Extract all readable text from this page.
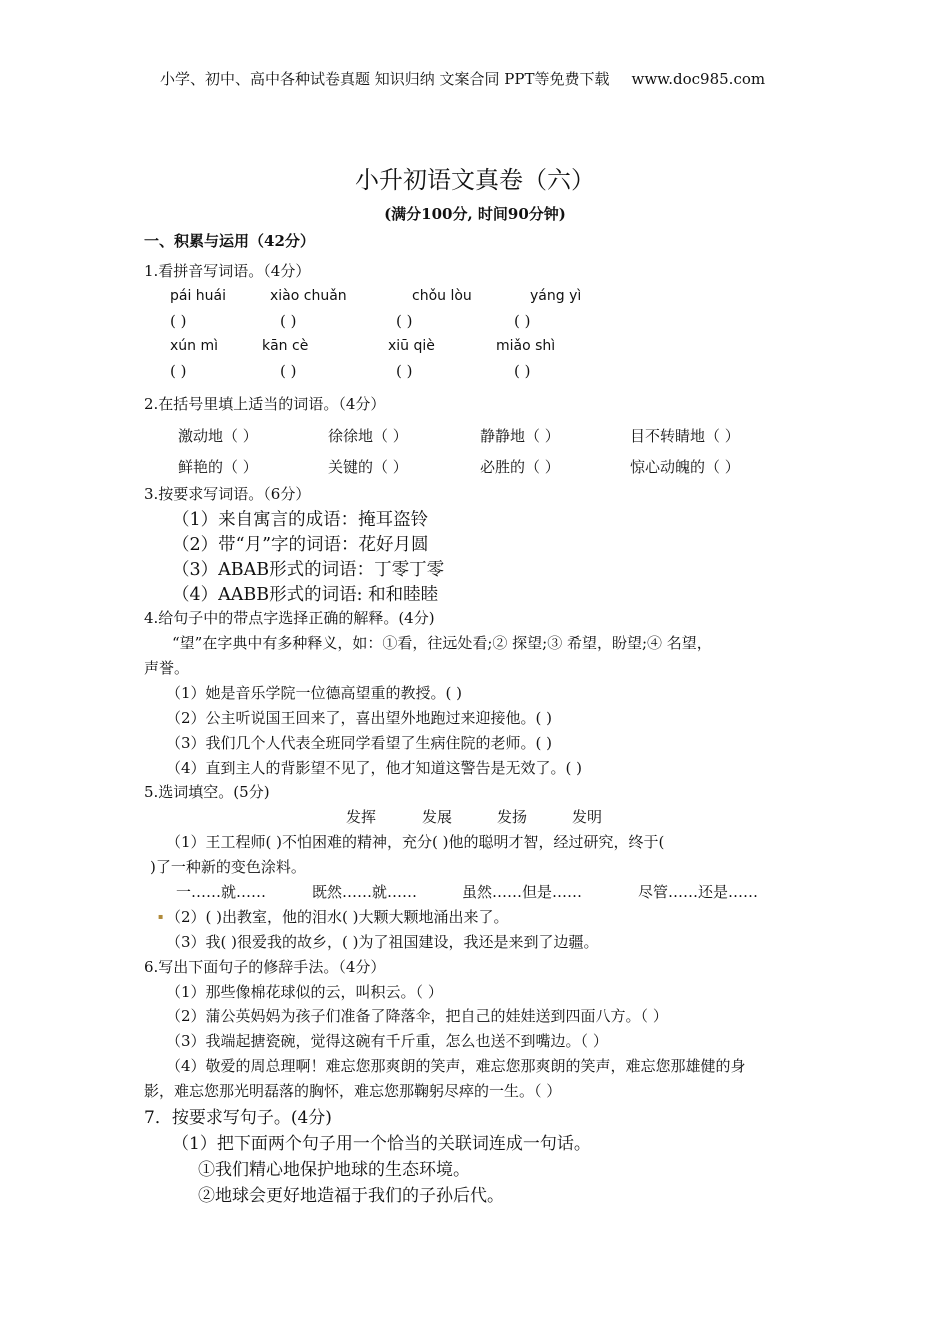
小学、初中、高中各种试卷真题 知识归纳 文案合同 PPT等免费下载 www.doc985.com
小升初语文真卷（六）
(满分100分, 时间90分钟)
一、积累与运用（42分）
1.看拼音写词语。（4分）
pái huái	xiào chuǎn	chǒu lòu	yáng yì
( )	( )	( )	( )
xún mì	kān cè	xiū qiè	miǎo shì
( )	( )	( )	( )
2.在括号里填上适当的词语。（4分）
激动地（ ）	徐徐地（ ）	静静地（ ）	目不转睛地（ ）
鲜艳的（ ）	关键的（ ）	必胜的（ ）	惊心动魄的（ ）
3.按要求写词语。（6分）
（1）来自寓言的成语：掩耳盗铃
（2）带“月”字的词语：花好月圆
（3）ABAB形式的词语：丁零丁零
（4）AABB形式的词语: 和和睦睦
4.给句子中的带点字选择正确的解释。(4分)
“望”在字典中有多种释义，如：①看，往远处看;② 探望;③ 希望，盼望;④ 名望，
声誉。
（1）她是音乐学院一位德高望重的教授。( )
（2）公主听说国王回来了，喜出望外地跑过来迎接他。( )
（3）我们几个人代表全班同学看望了生病住院的老师。( )
（4）直到主人的背影望不见了，他才知道这警告是无效了。( )
5.选词填空。(5分)
发挥	发展	发扬	发明
（1）王工程师( )不怕困难的精神，充分( )他的聪明才智，经过研究，终于(
)了一种新的变色涂料。
一……就……	既然……就……	虽然……但是……	尽管……还是……
▪ （2）( )出教室，他的泪水( )大颗大颗地涌出来了。
（3）我( )很爱我的故乡，( )为了祖国建设，我还是来到了边疆。
6.写出下面句子的修辞手法。（4分）
（1）那些像棉花球似的云，叫积云。（ ）
（2）蒲公英妈妈为孩子们准备了降落伞，把自己的娃娃送到四面八方。（ ）
（3）我端起搪瓷碗，觉得这碗有千斤重，怎么也送不到嘴边。（ ）
（4）敬爱的周总理啊！难忘您那爽朗的笑声，难忘您那爽朗的笑声，难忘您那雄健的身
影，难忘您那光明磊落的胸怀，难忘您那鞠躬尽瘁的一生。（ ）
7．按要求写句子。(4分)
（1）把下面两个句子用一个恰当的关联词连成一句话。
①我们精心地保护地球的生态环境。
②地球会更好地造福于我们的子孙后代。
